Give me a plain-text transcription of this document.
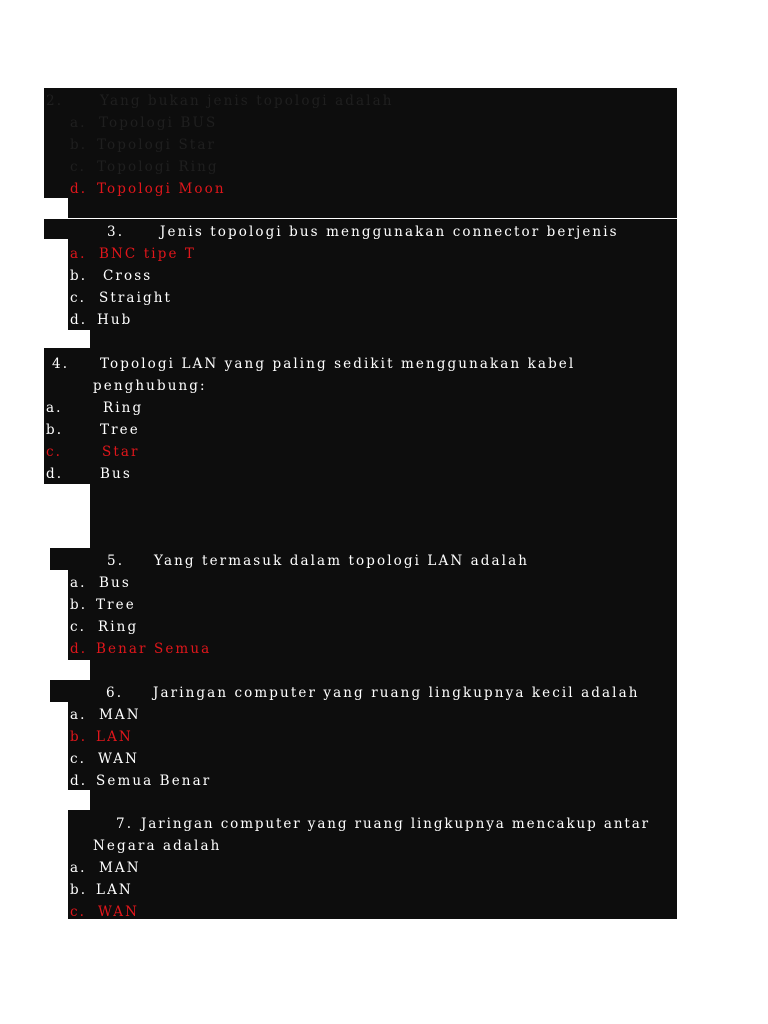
2.	Yang bukan jenis topologi adalah
a. Topologi BUS
b. Topologi Star
c. Topologi Ring
d. Topologi Moon
3.	Jenis topologi bus menggunakan connector berjenis
a. BNC tipe T
b. Cross
c. Straight
d. Hub
4. Topologi LAN yang paling sedikit menggunakan kabel
penghubung:
a.	Ring
b.	Tree
c.	Star
d.	Bus
5. Yang termasuk dalam topologi LAN adalah
a. Bus
b. Tree
c. Ring
d. Benar Semua
6. Jaringan computer yang ruang lingkupnya kecil adalah
a. MAN
b. LAN
c. WAN
d. Semua Benar
7. Jaringan computer yang ruang lingkupnya mencakup antar
Negara adalah
a. MAN
b. LAN
c. WAN
